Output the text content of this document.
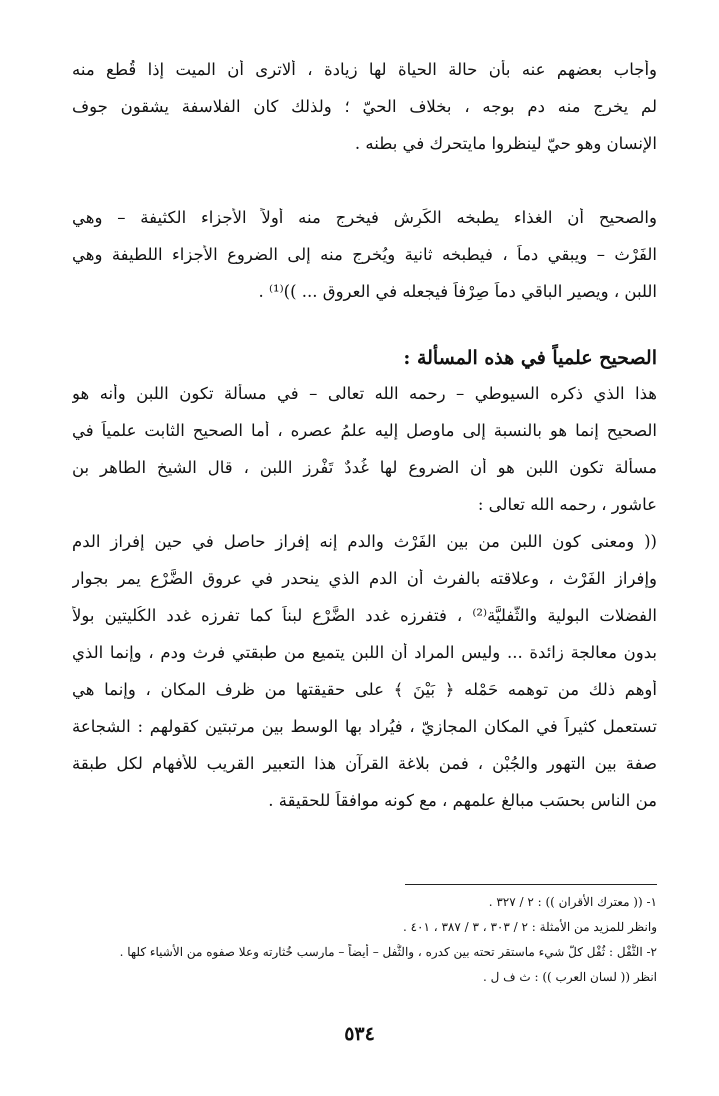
وأجاب بعضهم عنه بأن حالة الحياة لها زيادة ، ألاترى أن الميت إذا قُطع منه
لم يخرج منه دم بوجه ، بخلاف الحيّ ؛ ولذلك كان الفلاسفة يشقون جوف
الإنسان وهو حيّ لينظروا مايتحرك في بطنه .
والصحيح أن الغذاء يطبخه الكَرِش فيخرج منه أولاً الأجزاء الكثيفة – وهي
الفَرْث – ويبقي دماً ، فيطبخه ثانية ويُخرج منه إلى الضروع الأجزاء اللطيفة وهي
اللبن ، ويصير الباقي دماً صِرْفاً فيجعله في العروق ... ))⁽¹⁾ .
الصحيح علمياً في هذه المسألة :
هذا الذي ذكره السيوطي – رحمه الله تعالى – في مسألة تكون اللبن وأنه هو
الصحيح إنما هو بالنسبة إلى ماوصل إليه علمُ عصره ، أما الصحيح الثابت علمياً في
مسألة تكون اللبن هو أن الضروع لها غُددٌ تَفْرز اللبن ، قال الشيخ الطاهر بن
عاشور ، رحمه الله تعالى :
(( ومعنى كون اللبن من بين الفَرْث والدم إنه إفراز حاصل في حين إفراز الدم
وإفراز الفَرْث ، وعلاقته بالفرث أن الدم الذي ينحدر في عروق الضَّرْع يمر بجوار
الفضلات البولية والثُّفليَّة⁽²⁾ ، فتفرزه غدد الضَّرْع لبناً كما تفرزه غدد الكُليتين بولاً
بدون معالجة زائدة ... وليس المراد أن اللبن يتميع من طبقتي فرث ودم ، وإنما الذي
أوهم ذلك من توهمه حَمْله ﴿ بَيْنَ ﴾ على حقيقتها من ظرف المكان ، وإنما هي
تستعمل كثيراً في المكان المجازيّ ، فيُراد بها الوسط بين مرتبتين كقولهم : الشجاعة
صفة بين التهور والجُبْن ، فمن بلاغة القرآن هذا التعبير القريب للأفهام لكل طبقة
من الناس بحسَب مبالغ علمهم ، مع كونه موافقاً للحقيقة .
١- (( معترك الأقران )) : ٢ / ٣٢٧ .
وانظر للمزيد من الأمثلة : ٢ / ٣٠٣ ، ٣ / ٣٨٧ ، ٤٠١ .
٢- الثُّفْل : ثُفْل كلّ شيء ماستقر تحته بين كدره ، والثُّفل – أيضاً – مارسب خُثارته وعلا صفوه من الأشياء كلها .
انظر (( لسان العرب )) : ث ف ل .
٥٣٤
